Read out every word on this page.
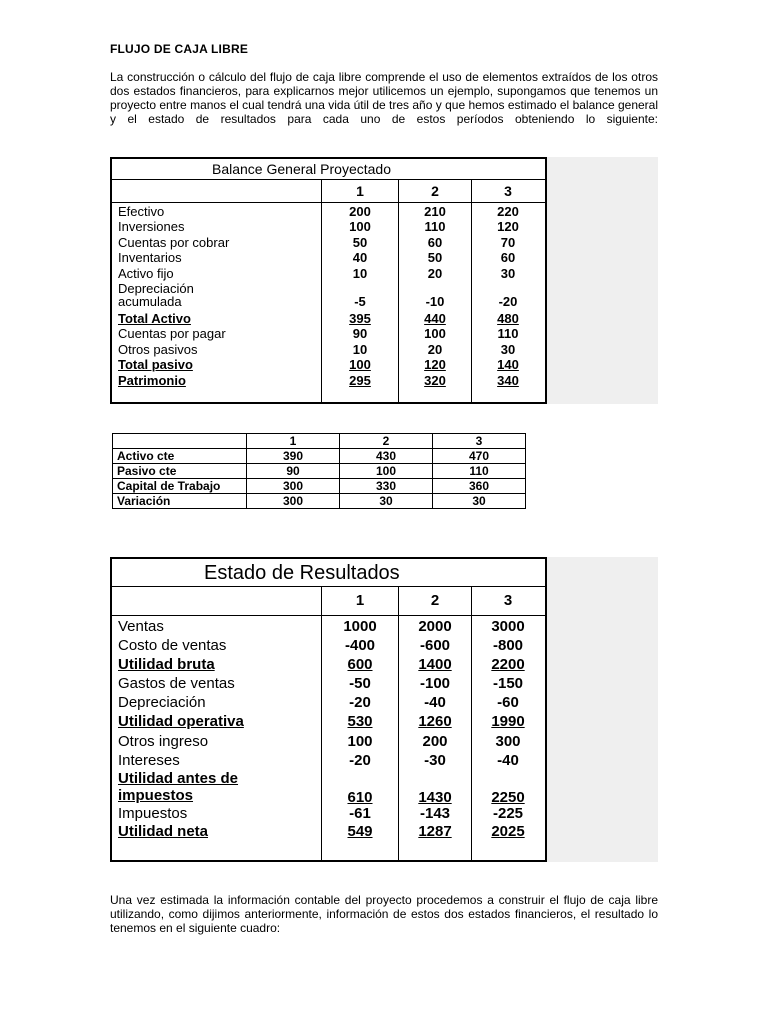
FLUJO DE CAJA LIBRE
La construcción o cálculo del flujo de caja libre comprende el uso de elementos extraídos de los otros dos estados financieros, para explicarnos mejor utilicemos un ejemplo, supongamos que tenemos un proyecto entre manos el cual tendrá una vida útil de tres año y que hemos estimado el balance general y el estado de resultados para cada uno de estos períodos obteniendo lo siguiente:
Balance General Proyectado
1	2	3
Efectivo	200	210	220
Inversiones	100	110	120
Cuentas por cobrar	50	60	70
Inventarios	40	50	60
Activo fijo	10	20	30
Depreciación
acumulada	-5	-10	-20
Total Activo	395	440	480
Cuentas por pagar	90	100	110
Otros pasivos	10	20	30
Total pasivo	100	120	140
Patrimonio	295	320	340
	1	2	3
Activo cte	390	430	470
Pasivo cte	90	100	110
Capital de Trabajo	300	330	360
Variación	300	30	30
Estado de Resultados
1	2	3
Ventas	1000	2000	3000
Costo de ventas	-400	-600	-800
Utilidad bruta	600	1400	2200
Gastos de ventas	-50	-100	-150
Depreciación	-20	-40	-60
Utilidad operativa	530	1260	1990
Otros ingreso	100	200	300
Intereses	-20	-30	-40
Utilidad antes de
impuestos	610	1430	2250
Impuestos	-61	-143	-225
Utilidad neta	549	1287	2025
Una vez estimada la información contable del proyecto procedemos a construir el flujo de caja libre utilizando, como dijimos anteriormente, información de estos dos estados financieros, el resultado lo tenemos en el siguiente cuadro:
